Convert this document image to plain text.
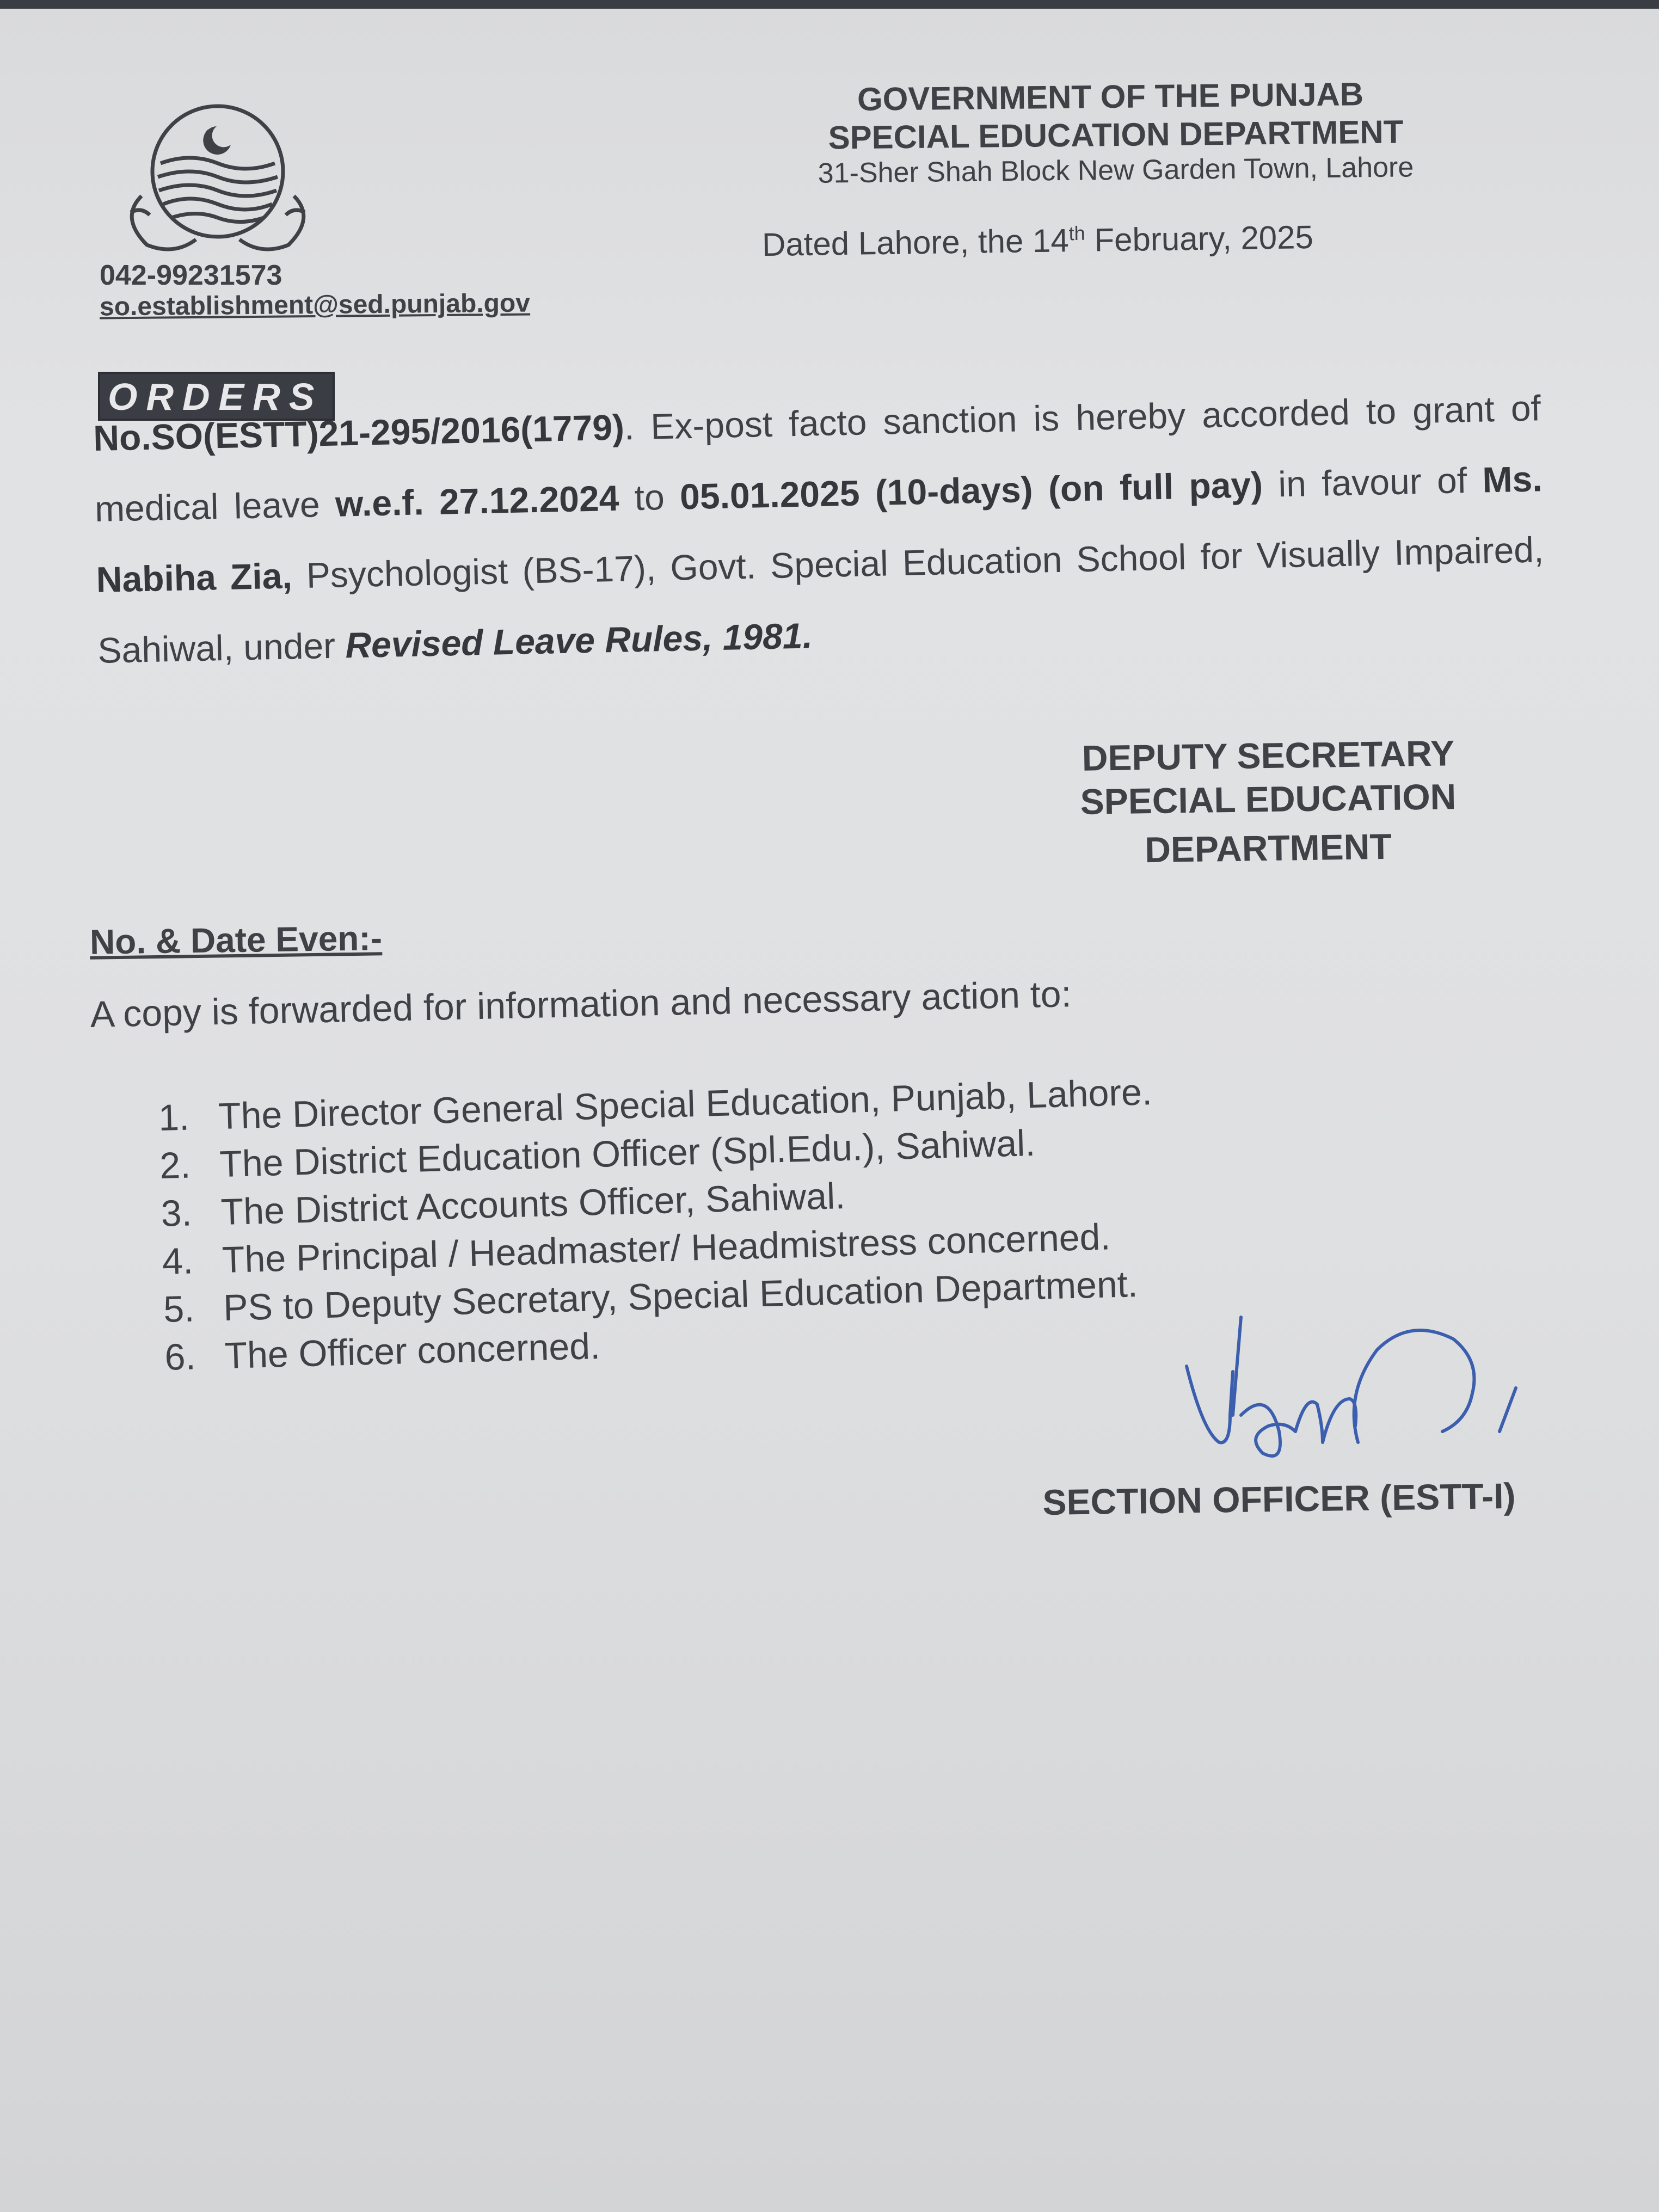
GOVERNMENT OF THE PUNJAB
SPECIAL EDUCATION DEPARTMENT
31-Sher Shah Block New Garden Town, Lahore
Dated Lahore, the 14th February, 2025
042-99231573
so.establishment@sed.punjab.gov
ORDERS
No.SO(ESTT)21-295/2016(1779). Ex-post facto sanction is hereby accorded to grant of medical leave w.e.f. 27.12.2024 to 05.01.2025 (10-days) (on full pay) in favour of Ms. Nabiha Zia, Psychologist (BS-17), Govt. Special Education School for Visually Impaired, Sahiwal, under Revised Leave Rules, 1981.
DEPUTY SECRETARY
SPECIAL EDUCATION
DEPARTMENT
No. & Date Even:-
A copy is forwarded for information and necessary action to:
1. The Director General Special Education, Punjab, Lahore.
2. The District Education Officer (Spl.Edu.), Sahiwal.
3. The District Accounts Officer, Sahiwal.
4. The Principal / Headmaster/ Headmistress concerned.
5. PS to Deputy Secretary, Special Education Department.
6. The Officer concerned.
SECTION OFFICER (ESTT-I)
